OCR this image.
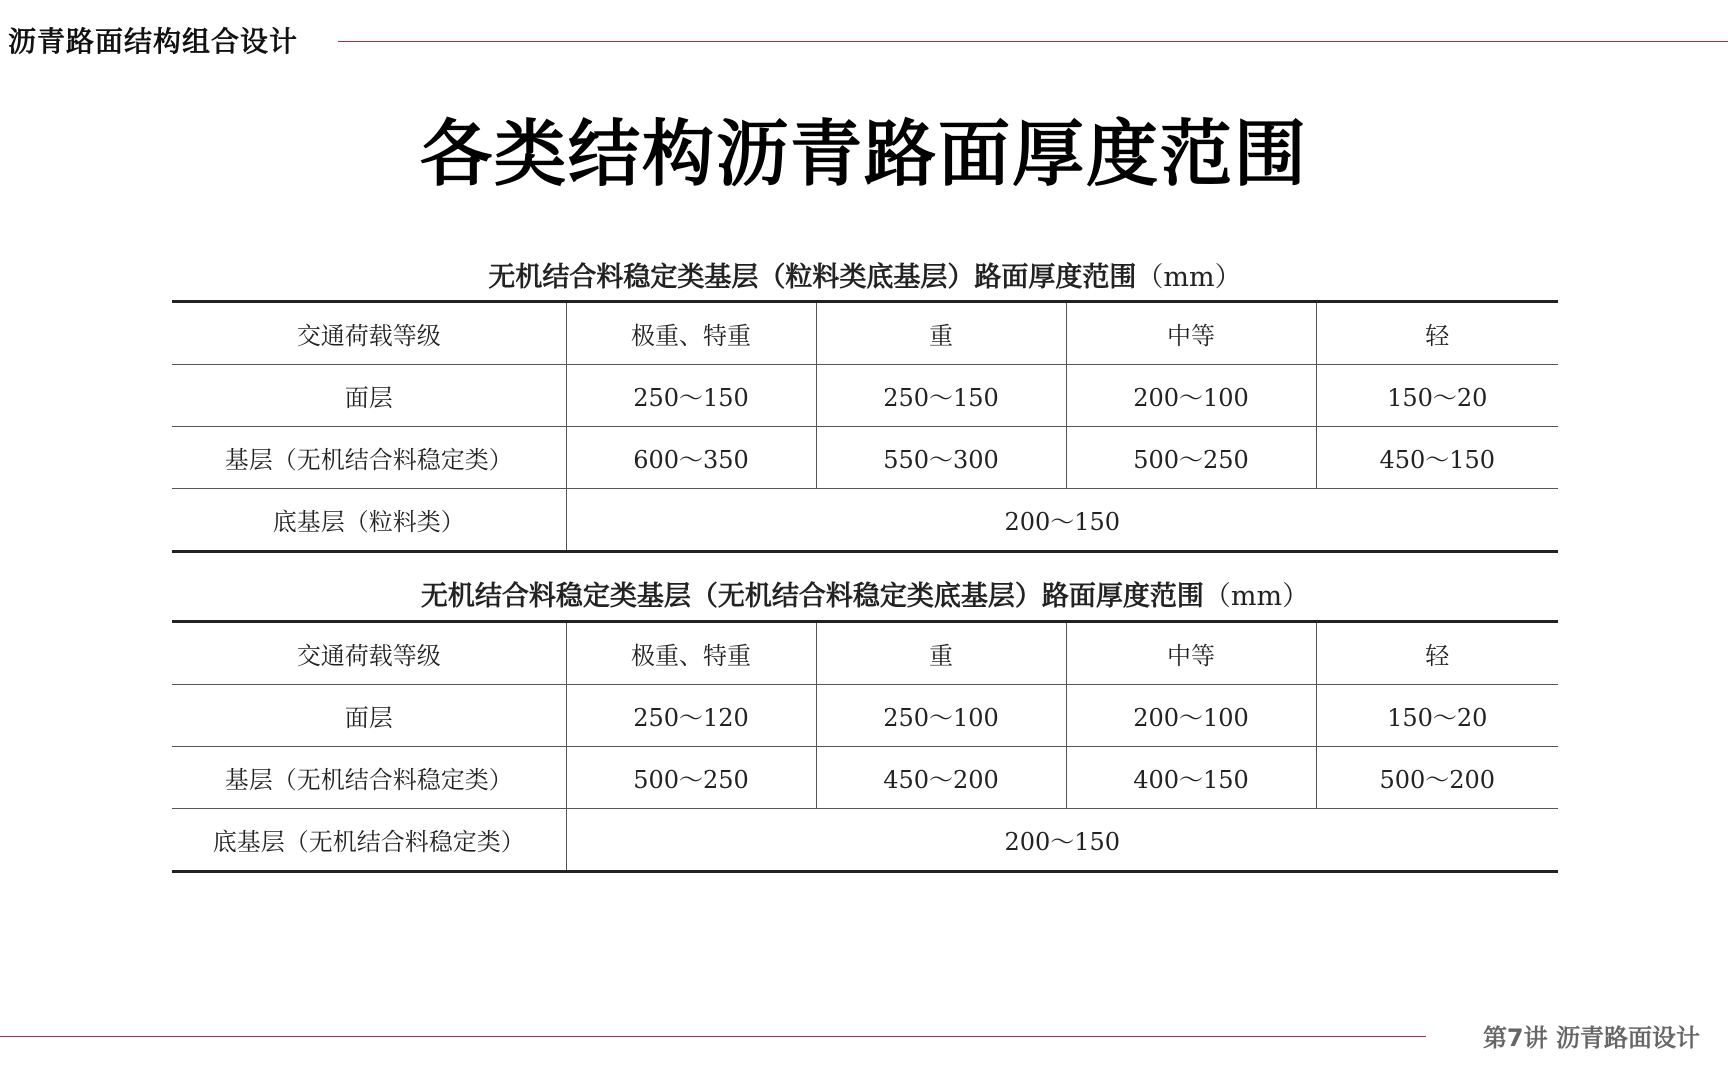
沥青路面结构组合设计
各类结构沥青路面厚度范围
无机结合料稳定类基层（粒料类底基层）路面厚度范围（mm）
交通荷载等级	极重、特重	重	中等	轻
面层	250～150	250～150	200～100	150～20
基层（无机结合料稳定类）	600～350	550～300	500～250	450～150
底基层（粒料类）	200～150			
无机结合料稳定类基层（无机结合料稳定类底基层）路面厚度范围（mm）
交通荷载等级	极重、特重	重	中等	轻
面层	250～120	250～100	200～100	150～20
基层（无机结合料稳定类）	500～250	450～200	400～150	500～200
底基层（无机结合料稳定类）	200～150			
第7讲 沥青路面设计
